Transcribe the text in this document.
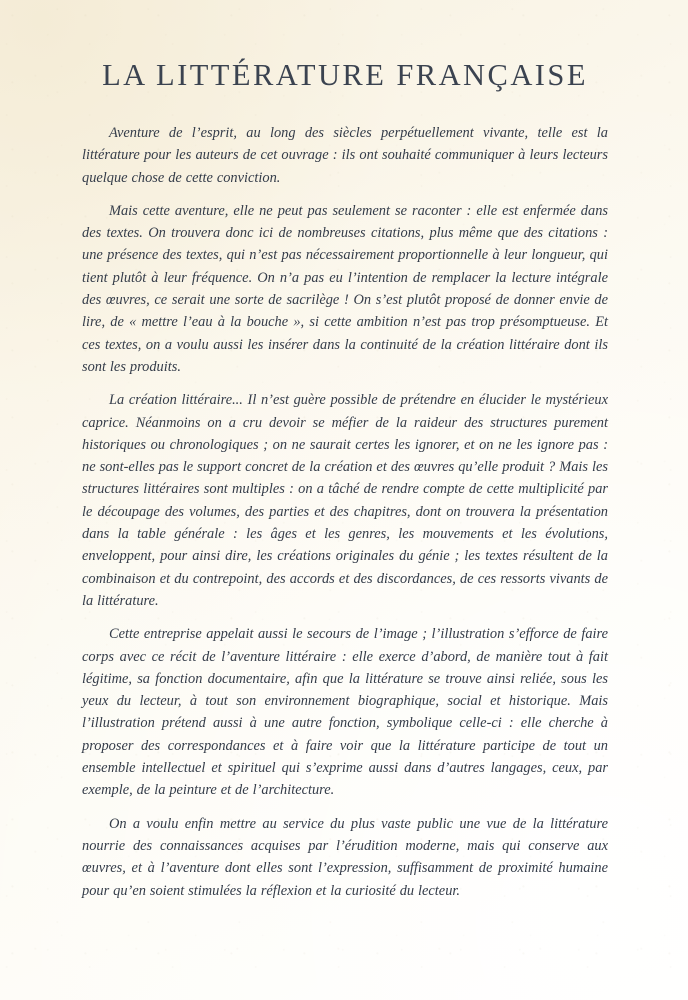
LA LITTÉRATURE FRANÇAISE

Aventure de l’esprit, au long des siècles perpétuellement vivante, telle est la littérature pour les auteurs de cet ouvrage : ils ont souhaité communiquer à leurs lecteurs quelque chose de cette conviction.

Mais cette aventure, elle ne peut pas seulement se raconter : elle est enfermée dans des textes. On trouvera donc ici de nombreuses citations, plus même que des citations : une présence des textes, qui n’est pas nécessairement proportionnelle à leur longueur, qui tient plutôt à leur fréquence. On n’a pas eu l’intention de remplacer la lecture intégrale des œuvres, ce serait une sorte de sacrilège ! On s’est plutôt proposé de donner envie de lire, de « mettre l’eau à la bouche », si cette ambition n’est pas trop présomptueuse. Et ces textes, on a voulu aussi les insérer dans la continuité de la création littéraire dont ils sont les produits.

La création littéraire... Il n’est guère possible de prétendre en élucider le mystérieux caprice. Néanmoins on a cru devoir se méfier de la raideur des structures purement historiques ou chronologiques ; on ne saurait certes les ignorer, et on ne les ignore pas : ne sont-elles pas le support concret de la création et des œuvres qu’elle produit ? Mais les structures littéraires sont multiples : on a tâché de rendre compte de cette multiplicité par le découpage des volumes, des parties et des chapitres, dont on trouvera la présentation dans la table générale : les âges et les genres, les mouvements et les évolutions, enveloppent, pour ainsi dire, les créations originales du génie ; les textes résultent de la combinaison et du contrepoint, des accords et des discordances, de ces ressorts vivants de la littérature.

Cette entreprise appelait aussi le secours de l’image ; l’illustration s’efforce de faire corps avec ce récit de l’aventure littéraire : elle exerce d’abord, de manière tout à fait légitime, sa fonction documentaire, afin que la littérature se trouve ainsi reliée, sous les yeux du lecteur, à tout son environnement biographique, social et historique. Mais l’illustration prétend aussi à une autre fonction, symbolique celle-ci : elle cherche à proposer des correspondances et à faire voir que la littérature participe de tout un ensemble intellectuel et spirituel qui s’exprime aussi dans d’autres langages, ceux, par exemple, de la peinture et de l’architecture.

On a voulu enfin mettre au service du plus vaste public une vue de la littérature nourrie des connaissances acquises par l’érudition moderne, mais qui conserve aux œuvres, et à l’aventure dont elles sont l’expression, suffisamment de proximité humaine pour qu’en soient stimulées la réflexion et la curiosité du lecteur.
